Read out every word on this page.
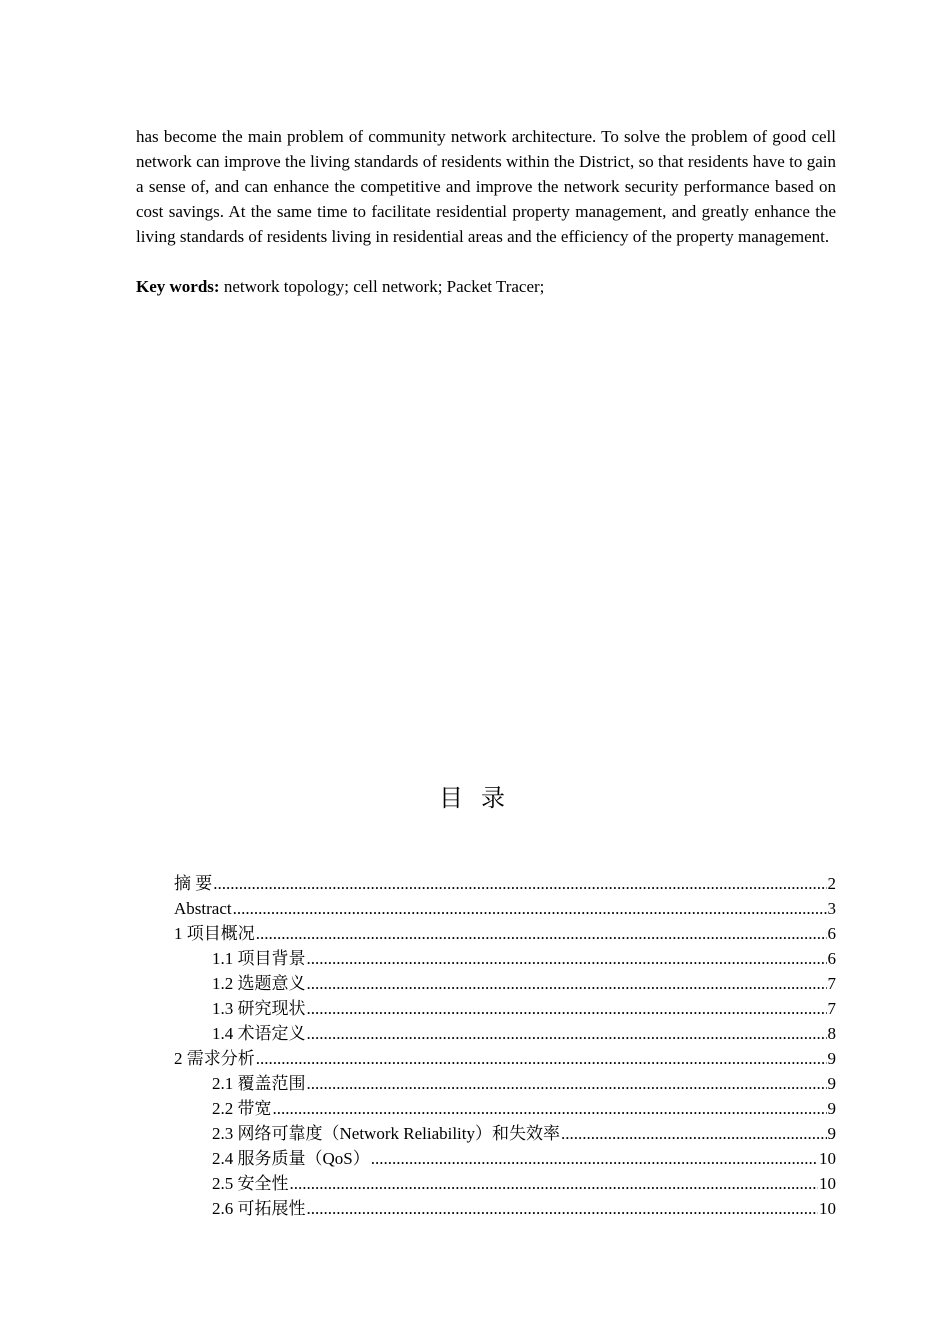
has become the main problem of community network architecture. To solve the problem of good cell network can improve the living standards of residents within the District, so that residents have to gain a sense of, and can enhance the competitive and improve the network security performance based on cost savings. At the same time to facilitate residential property management, and greatly enhance the living standards of residents living in residential areas and the efficiency of the property management.

Key words: network topology; cell network; Packet Tracer;
目 录
摘 要 .....	2
Abstract .....	3
1 项目概况 .....	6
1.1 项目背景 .....	6
1.2 选题意义 .....	7
1.3 研究现状 .....	7
1.4 术语定义 .....	8
2 需求分析 .....	9
2.1 覆盖范围 .....	9
2.2 带宽 .....	9
2.3 网络可靠度（Network Reliability）和失效率 .....	9
2.4 服务质量（QoS） .....	10
2.5 安全性 .....	10
2.6 可拓展性 .....	10
